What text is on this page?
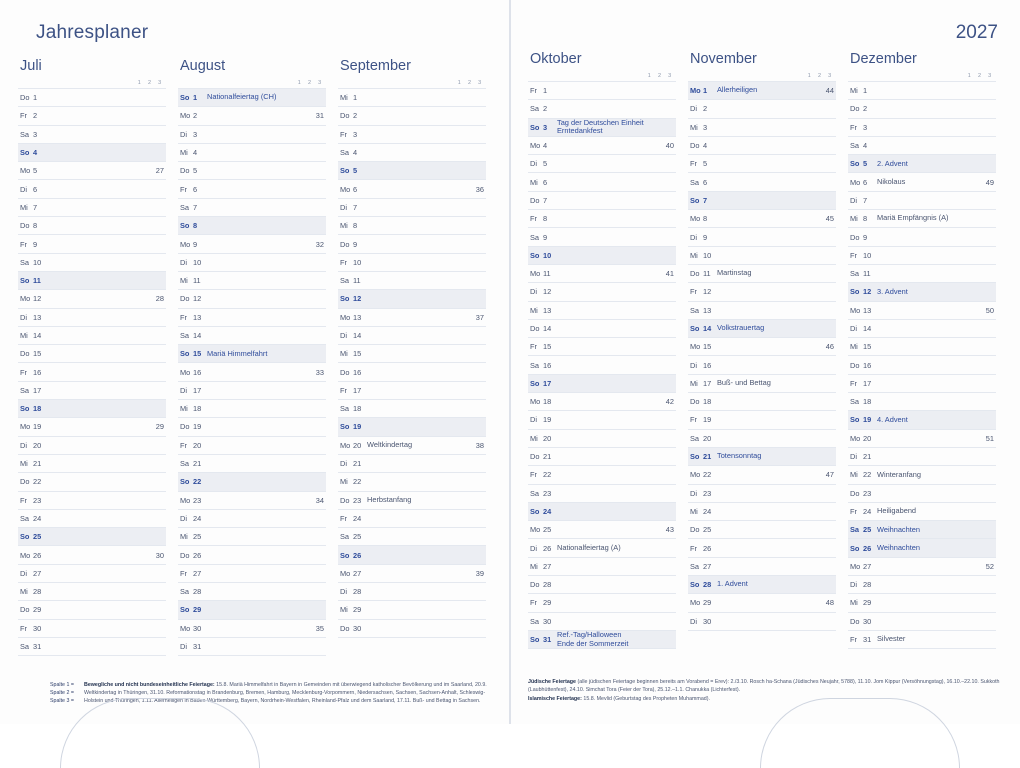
Jahresplaner
Juli
1 2 3
Do	1		
Fr	2		
Sa	3		
So	4		
Mo	5		27
Di	6		
Mi	7		
Do	8		
Fr	9		
Sa	10		
So	11		
Mo	12		28
Di	13		
Mi	14		
Do	15		
Fr	16		
Sa	17		
So	18		
Mo	19		29
Di	20		
Mi	21		
Do	22		
Fr	23		
Sa	24		
So	25		
Mo	26		30
Di	27		
Mi	28		
Do	29		
Fr	30		
Sa	31		
August
1 2 3
So	1	Nationalfeiertag (CH)	
Mo	2		31
Di	3		
Mi	4		
Do	5		
Fr	6		
Sa	7		
So	8		
Mo	9		32
Di	10		
Mi	11		
Do	12		
Fr	13		
Sa	14		
So	15	Mariä Himmelfahrt	
Mo	16		33
Di	17		
Mi	18		
Do	19		
Fr	20		
Sa	21		
So	22		
Mo	23		34
Di	24		
Mi	25		
Do	26		
Fr	27		
Sa	28		
So	29		
Mo	30		35
Di	31		
September
1 2 3
Mi	1		
Do	2		
Fr	3		
Sa	4		
So	5		
Mo	6		36
Di	7		
Mi	8		
Do	9		
Fr	10		
Sa	11		
So	12		
Mo	13		37
Di	14		
Mi	15		
Do	16		
Fr	17		
Sa	18		
So	19		
Mo	20	Weltkindertag	38
Di	21		
Mi	22		
Do	23	Herbstanfang	
Fr	24		
Sa	25		
So	26		
Mo	27		39
Di	28		
Mi	29		
Do	30		
Spalte 1 =
Spalte 2 =
Spalte 3 =
Bewegliche und nicht bundeseinheitliche Feiertage: 15.8. Mariä Himmelfahrt in Bayern in Gemeinden mit überwiegend katholischer Bevölkerung und im Saarland, 20.9. Weltkindertag in Thüringen, 31.10. Reformationstag in Brandenburg, Bremen, Hamburg, Mecklenburg-Vorpommern, Niedersachsen, Sachsen, Sachsen-Anhalt, Schleswig-Holstein und Thüringen, 1.11. Allerheiligen in Baden-Württemberg, Bayern, Nordrhein-Westfalen, Rheinland-Pfalz und dem Saarland, 17.11. Buß- und Bettag in Sachsen.
2027
Oktober
1 2 3
Fr	1		
Sa	2		
So	3	Tag der Deutschen Einheit
Erntedankfest	

Mo	4		40
Di	5		
Mi	6		
Do	7		
Fr	8		
Sa	9		
So	10		
Mo	11		41
Di	12		
Mi	13		
Do	14		
Fr	15		
Sa	16		
So	17		
Mo	18		42
Di	19		
Mi	20		
Do	21		
Fr	22		
Sa	23		
So	24		
Mo	25		43
Di	26	Nationalfeiertag (A)	
Mi	27		
Do	28		
Fr	29		
Sa	30		
So	31	Ref.-Tag/Halloween
Ende der Sommerzeit	

November
1 2 3
Mo	1	Allerheiligen	44
Di	2		
Mi	3		
Do	4		
Fr	5		
Sa	6		
So	7		
Mo	8		45
Di	9		
Mi	10		
Do	11	Martinstag	
Fr	12		
Sa	13		
So	14	Volkstrauertag	
Mo	15		46
Di	16		
Mi	17	Buß- und Bettag	
Do	18		
Fr	19		
Sa	20		
So	21	Totensonntag	
Mo	22		47
Di	23		
Mi	24		
Do	25		
Fr	26		
Sa	27		
So	28	1. Advent	
Mo	29		48
Di	30		
Dezember
1 2 3
Mi	1		
Do	2		
Fr	3		
Sa	4		
So	5	2. Advent	
Mo	6	Nikolaus	49
Di	7		
Mi	8	Mariä Empfängnis (A)	
Do	9		
Fr	10		
Sa	11		
So	12	3. Advent	
Mo	13		50
Di	14		
Mi	15		
Do	16		
Fr	17		
Sa	18		
So	19	4. Advent	
Mo	20		51
Di	21		
Mi	22	Winteranfang	
Do	23		
Fr	24	Heiligabend	
Sa	25	Weihnachten	
So	26	Weihnachten	
Mo	27		52
Di	28		
Mi	29		
Do	30		
Fr	31	Silvester	
Jüdische Feiertage (alle jüdischen Feiertage beginnen bereits am Vorabend = Erev): 2./3.10. Rosch ha-Schana (Jüdisches Neujahr, 5788), 11.10. Jom Kippur (Versöhnungstag), 16.10.–22.10. Sukkoth (Laubhüttenfest), 24.10. Simchat Tora (Feier der Tora), 25.12.–1.1. Chanukka (Lichterfest).
Islamische Feiertage: 15.8. Mevlid (Geburtstag des Propheten Muhammad).
